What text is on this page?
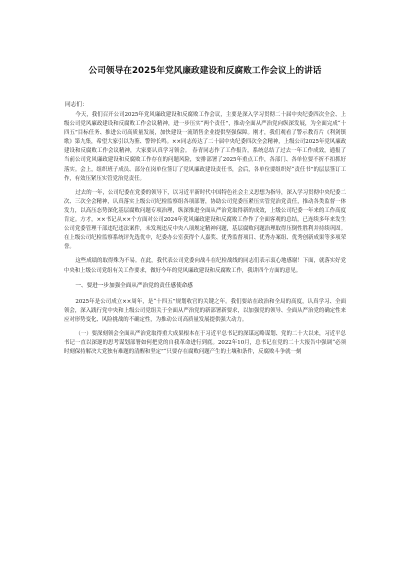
公司领导在2025年党风廉政建设和反腐败工作会议上的讲话
同志们：

今天，我们召开公司2025年党风廉政建设和反腐败工作会议，主要是深入学习贯彻二十届中央纪委四次全会、上级公司党风廉政建设和反腐败工作会议精神，进一步压实“两个责任”，推动全面从严治党向纵深发展，为全面完成“十四五”目标任务、推进公司高质量发展，加快建设一流销售企业提供坚强保障。刚才，我们观看了警示教育片《利剑镇歌》第九集，希望大家引以为鉴、警钟长鸣。××同志传达了二十届中央纪委四次全会精神，上级公司2025年党风廉政建设和反腐败工作会议精神，大家要认真学习领会。 春青同志作了工作报告，系统总结了过去一年工作成效，通报了当前公司党风廉政建设和反腐败工作存在的问题风险，安排部署了2025年重点工作，各部门、各单位要不折不扣抓好落实。会上，组织班子成员、部分在岗单位签订了党风廉政建设责任书，会后，各单位要组织好“责任书”的层层签订工作，有效压紧压实管党治党责任。

过去的一年，公司纪委在党委的领导下，以习近平新时代中国特色社会主义思想为指导，深入学习贯彻中央纪委二次、三次全会精神，认真落实上级公司纪检监察组各项部署，协助公司党委压紧压实管党治党责任，推动各类监督一体发力，以高压态势深化基层腐败问题专项治理，纵深推进全面从严治党取得新的成效，上级公司纪委一年来的工作高度肯定。方才，××书记从××个方面对公司2024年党风廉政建设和反腐败工作作了全面客观的总结，已连续多年来发生公司党委管理干部违纪违法案件，未发现违反中央八项规定精神问题，基层腐败问题治理取得压倒性胜利并持续巩固。在上级公司纪检监察系统评先选优中，纪委办公室获得个人嘉奖、优秀监督项目、优秀办案组、优秀创新成果等多项荣誉。

这些成绩的取得殊为不易。在此，我代表公司党委向战斗在纪检战线的同志们表示衷心地感谢！下面，就落实好党中央和上级公司党组有关工作要求，做好今年的党风廉政建设和反腐败工作，我讲四个方面的意见。

一、要进一步加强全面从严治党的责任感使命感

2025年是公司成立××周年，是“十四五”规划收官的关键之年。我们要站在政治和全局的高度，认真学习、全面领会，深入践行党中央和上级公司党组关于全面从严治党的新部署新要求，以加强党的领导、全面从严治党的确定性来应对形势变化、风险挑战的不确定性，为推动公司高质量发展提供强大动力。

（一）要深刻领会全面从严治党取得重大成果根本在于习近平总书记的深谋远略谋划、党的二十大以来，习近平总书记一直以深邃的思考谋划部署如何把党的自我革命进行到底。2022年10月，总书记在党的二十大报告中强调“必须时刻保持解决大党独有难题的清醒和坚定”“只要存在腐败问题产生的土壤和条件，反腐败斗争就一刻
